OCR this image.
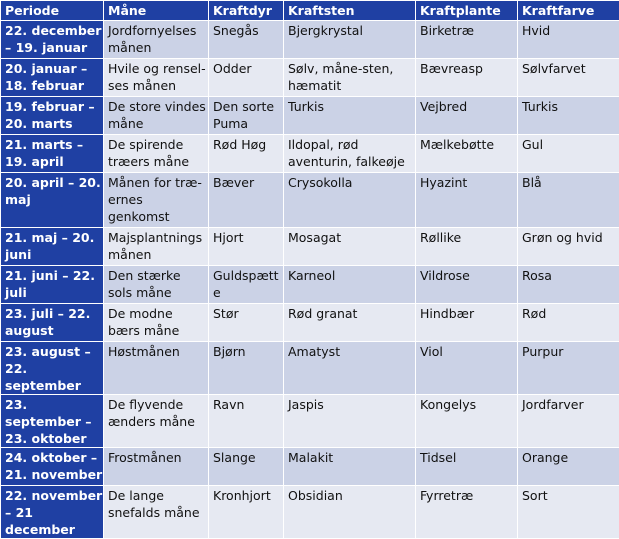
Periode	Måne	Kraftdyr	Kraftsten	Kraftplante	Kraftfarve
22. december – 19. januar	Jordfornyelses månen	Snegås	Bjergkrystal	Birketræ	Hvid
20. januar – 18. februar	Hvile og rensel-ses månen	Odder	Sølv, måne-sten, hæmatit	Bævreasp	Sølvfarvet
19. februar – 20. marts	De store vindes måne	Den sorte Puma	Turkis	Vejbred	Turkis
21. marts – 19. april	De spirende træers måne	Rød Høg	Ildopal, rød aventurin, falkeøje	Mælkebøtte	Gul
20. april – 20. maj	Månen for træ-ernes genkomst	Bæver	Crysokolla	Hyazint	Blå
21. maj – 20. juni	Majsplantnings månen	Hjort	Mosagat	Røllike	Grøn og hvid
21. juni – 22. juli	Den stærke sols måne	Guldspætte	Karneol	Vildrose	Rosa
23. juli – 22. august	De modne bærs måne	Stør	Rød granat	Hindbær	Rød
23. august – 22. september	Høstmånen	Bjørn	Amatyst	Viol	Purpur
23. september – 23. oktober	De flyvende ænders måne	Ravn	Jaspis	Kongelys	Jordfarver
24. oktober – 21. november	Frostmånen	Slange	Malakit	Tidsel	Orange
22. november – 21 december	De lange snefalds måne	Kronhjort	Obsidian	Fyrretræ	Sort
